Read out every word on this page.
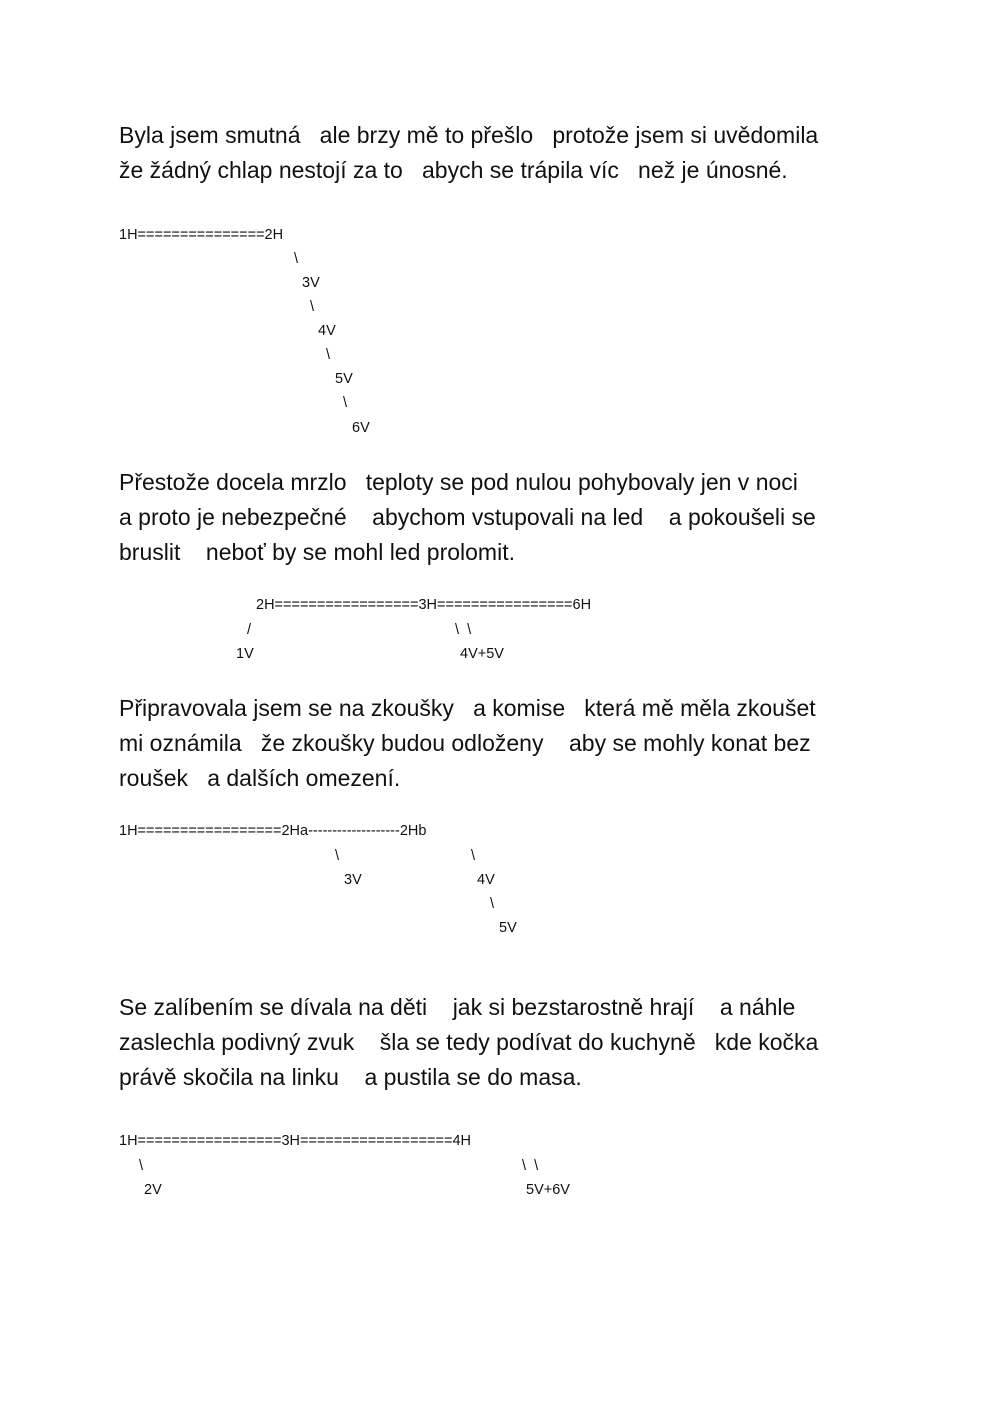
Byla jsem smutná   ale brzy mě to přešlo   protože jsem si uvědomila
že žádný chlap nestojí za to   abych se trápila víc   než je únosné.

1H===============2H
\
3V
\
4V
\
5V
\
6V

Přestože docela mrzlo   teploty se pod nulou pohybovaly jen v noci
a proto je nebezpečné    abychom vstupovali na led    a pokoušeli se
bruslit    neboť by se mohl led prolomit.

2H=================3H================6H
/	\  \
1V	4V+5V

Připravovala jsem se na zkoušky   a komise   která mě měla zkoušet
mi oznámila   že zkoušky budou odloženy    aby se mohly konat bez
roušek   a dalších omezení.

1H=================2Ha-------------------2Hb
\	\
3V	4V
\
5V

Se zalíbením se dívala na děti    jak si bezstarostně hrají    a náhle
zaslechla podivný zvuk    šla se tedy podívat do kuchyně   kde kočka
právě skočila na linku    a pustila se do masa.

1H=================3H==================4H
\	\  \
2V	5V+6V
